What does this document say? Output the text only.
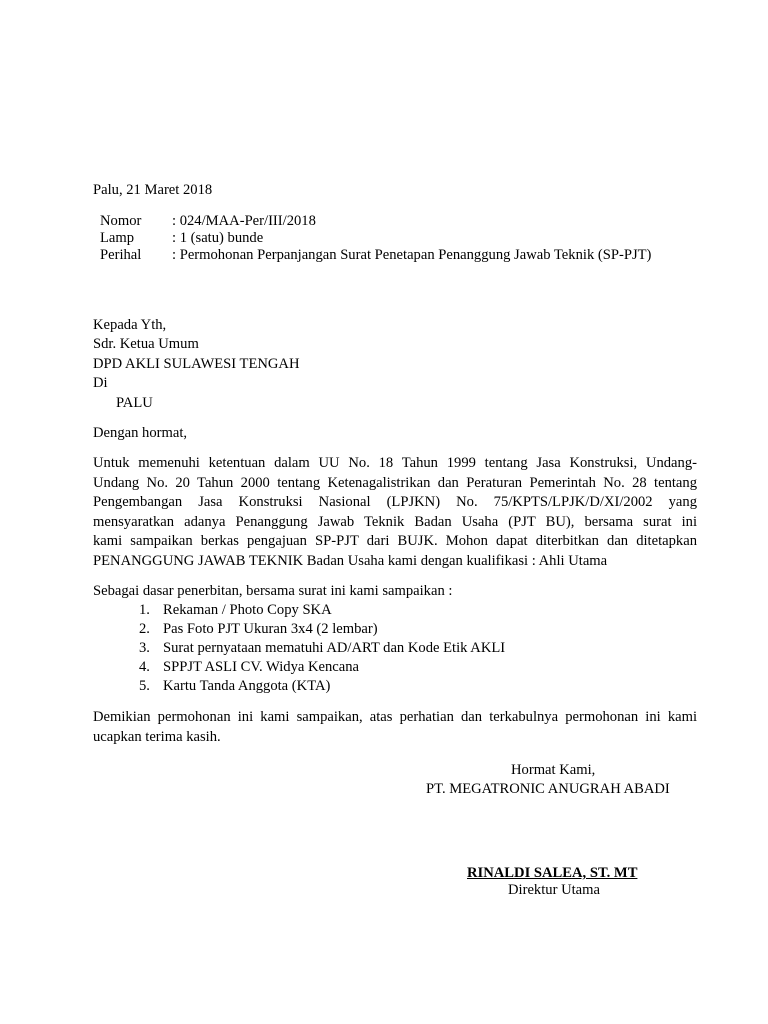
Palu, 21 Maret 2018
Nomor : 024/MAA-Per/III/2018
Lamp	: 1 (satu) bunde
Perihal : Permohonan Perpanjangan Surat Penetapan Penanggung Jawab Teknik (SP-PJT)
Kepada Yth,
Sdr. Ketua Umum
DPD AKLI SULAWESI TENGAH
Di
PALU
Dengan hormat,
Untuk memenuhi ketentuan dalam UU No. 18 Tahun 1999 tentang Jasa Konstruksi, Undang-
Undang No. 20 Tahun 2000 tentang Ketenagalistrikan dan Peraturan Pemerintah No. 28 tentang
Pengembangan Jasa Konstruksi Nasional (LPJKN) No. 75/KPTS/LPJK/D/XI/2002 yang
mensyaratkan adanya Penanggung Jawab Teknik Badan Usaha (PJT BU), bersama surat ini
kami sampaikan berkas pengajuan SP-PJT dari BUJK. Mohon dapat diterbitkan dan ditetapkan
PENANGGUNG JAWAB TEKNIK Badan Usaha kami dengan kualifikasi : Ahli Utama
Sebagai dasar penerbitan, bersama surat ini kami sampaikan :
1. Rekaman / Photo Copy SKA
2. Pas Foto PJT Ukuran 3x4 (2 lembar)
3. Surat pernyataan mematuhi AD/ART dan Kode Etik AKLI
4. SPPJT ASLI CV. Widya Kencana
5. Kartu Tanda Anggota (KTA)
Demikian permohonan ini kami sampaikan, atas perhatian dan terkabulnya permohonan ini kami
ucapkan terima kasih.
Hormat Kami,
PT. MEGATRONIC ANUGRAH ABADI
RINALDI SALEA, ST. MT
Direktur Utama
